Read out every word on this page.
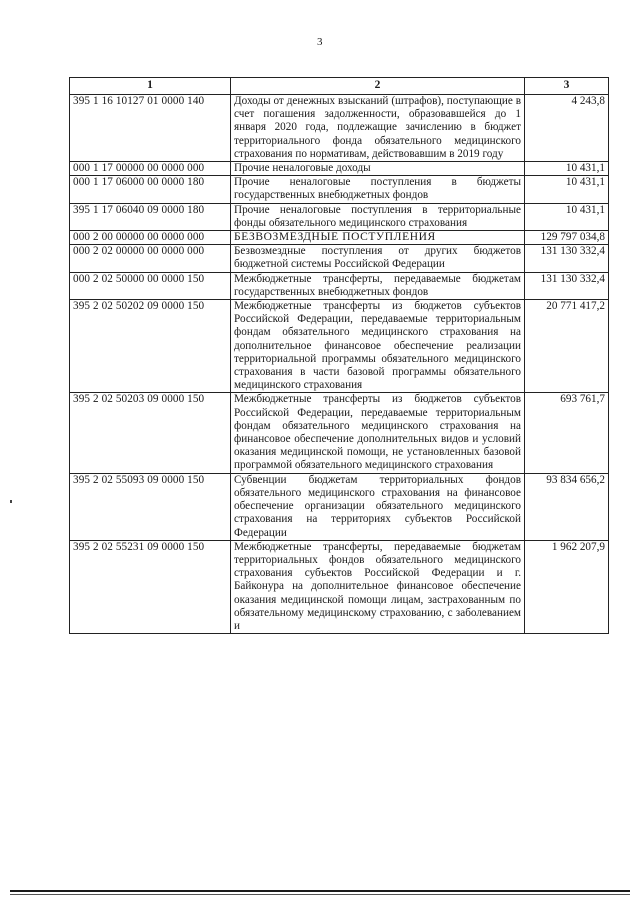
3
1	2	3
395 1 16 10127 01 0000 140	Доходы от денежных взысканий (штрафов), поступающие в счет погашения задолженности, образовавшейся до 1 января 2020 года, подлежащие зачислению в бюджет территориального фонда обязательного медицинского страхования по нормативам, действовавшим в 2019 году	4 243,8
000 1 17 00000 00 0000 000	Прочие неналоговые доходы	10 431,1
000 1 17 06000 00 0000 180	Прочие неналоговые поступления в бюджеты государственных внебюджетных фондов	10 431,1
395 1 17 06040 09 0000 180	Прочие неналоговые поступления в территориальные фонды обязательного медицинского страхования	10 431,1
000 2 00 00000 00 0000 000	БЕЗВОЗМЕЗДНЫЕ ПОСТУПЛЕНИЯ	129 797 034,8
000 2 02 00000 00 0000 000	Безвозмездные поступления от других бюджетов бюджетной системы Российской Федерации	131 130 332,4
000 2 02 50000 00 0000 150	Межбюджетные трансферты, передаваемые бюджетам государственных внебюджетных фондов	131 130 332,4
395 2 02 50202 09 0000 150	Межбюджетные трансферты из бюджетов субъектов Российской Федерации, передаваемые территориальным фондам обязательного медицинского страхования на дополнительное финансовое обеспечение реализации территориальной программы обязательного медицинского страхования в части базовой программы обязательного медицинского страхования	20 771 417,2
395 2 02 50203 09 0000 150	Межбюджетные трансферты из бюджетов субъектов Российской Федерации, передаваемые территориальным фондам обязательного медицинского страхования на финансовое обеспечение дополнительных видов и условий оказания медицинской помощи, не установленных базовой программой обязательного медицинского страхования	693 761,7
395 2 02 55093 09 0000 150	Субвенции бюджетам территориальных фондов обязательного медицинского страхования на финансовое обеспечение организации обязательного медицинского страхования на территориях субъектов Российской Федерации	93 834 656,2
395 2 02 55231 09 0000 150	Межбюджетные трансферты, передаваемые бюджетам территориальных фондов обязательного медицинского страхования субъектов Российской Федерации и г. Байконура на дополнительное финансовое обеспечение оказания медицинской помощи лицам, застрахованным по обязательному медицинскому страхованию, с заболеванием и	1 962 207,9
